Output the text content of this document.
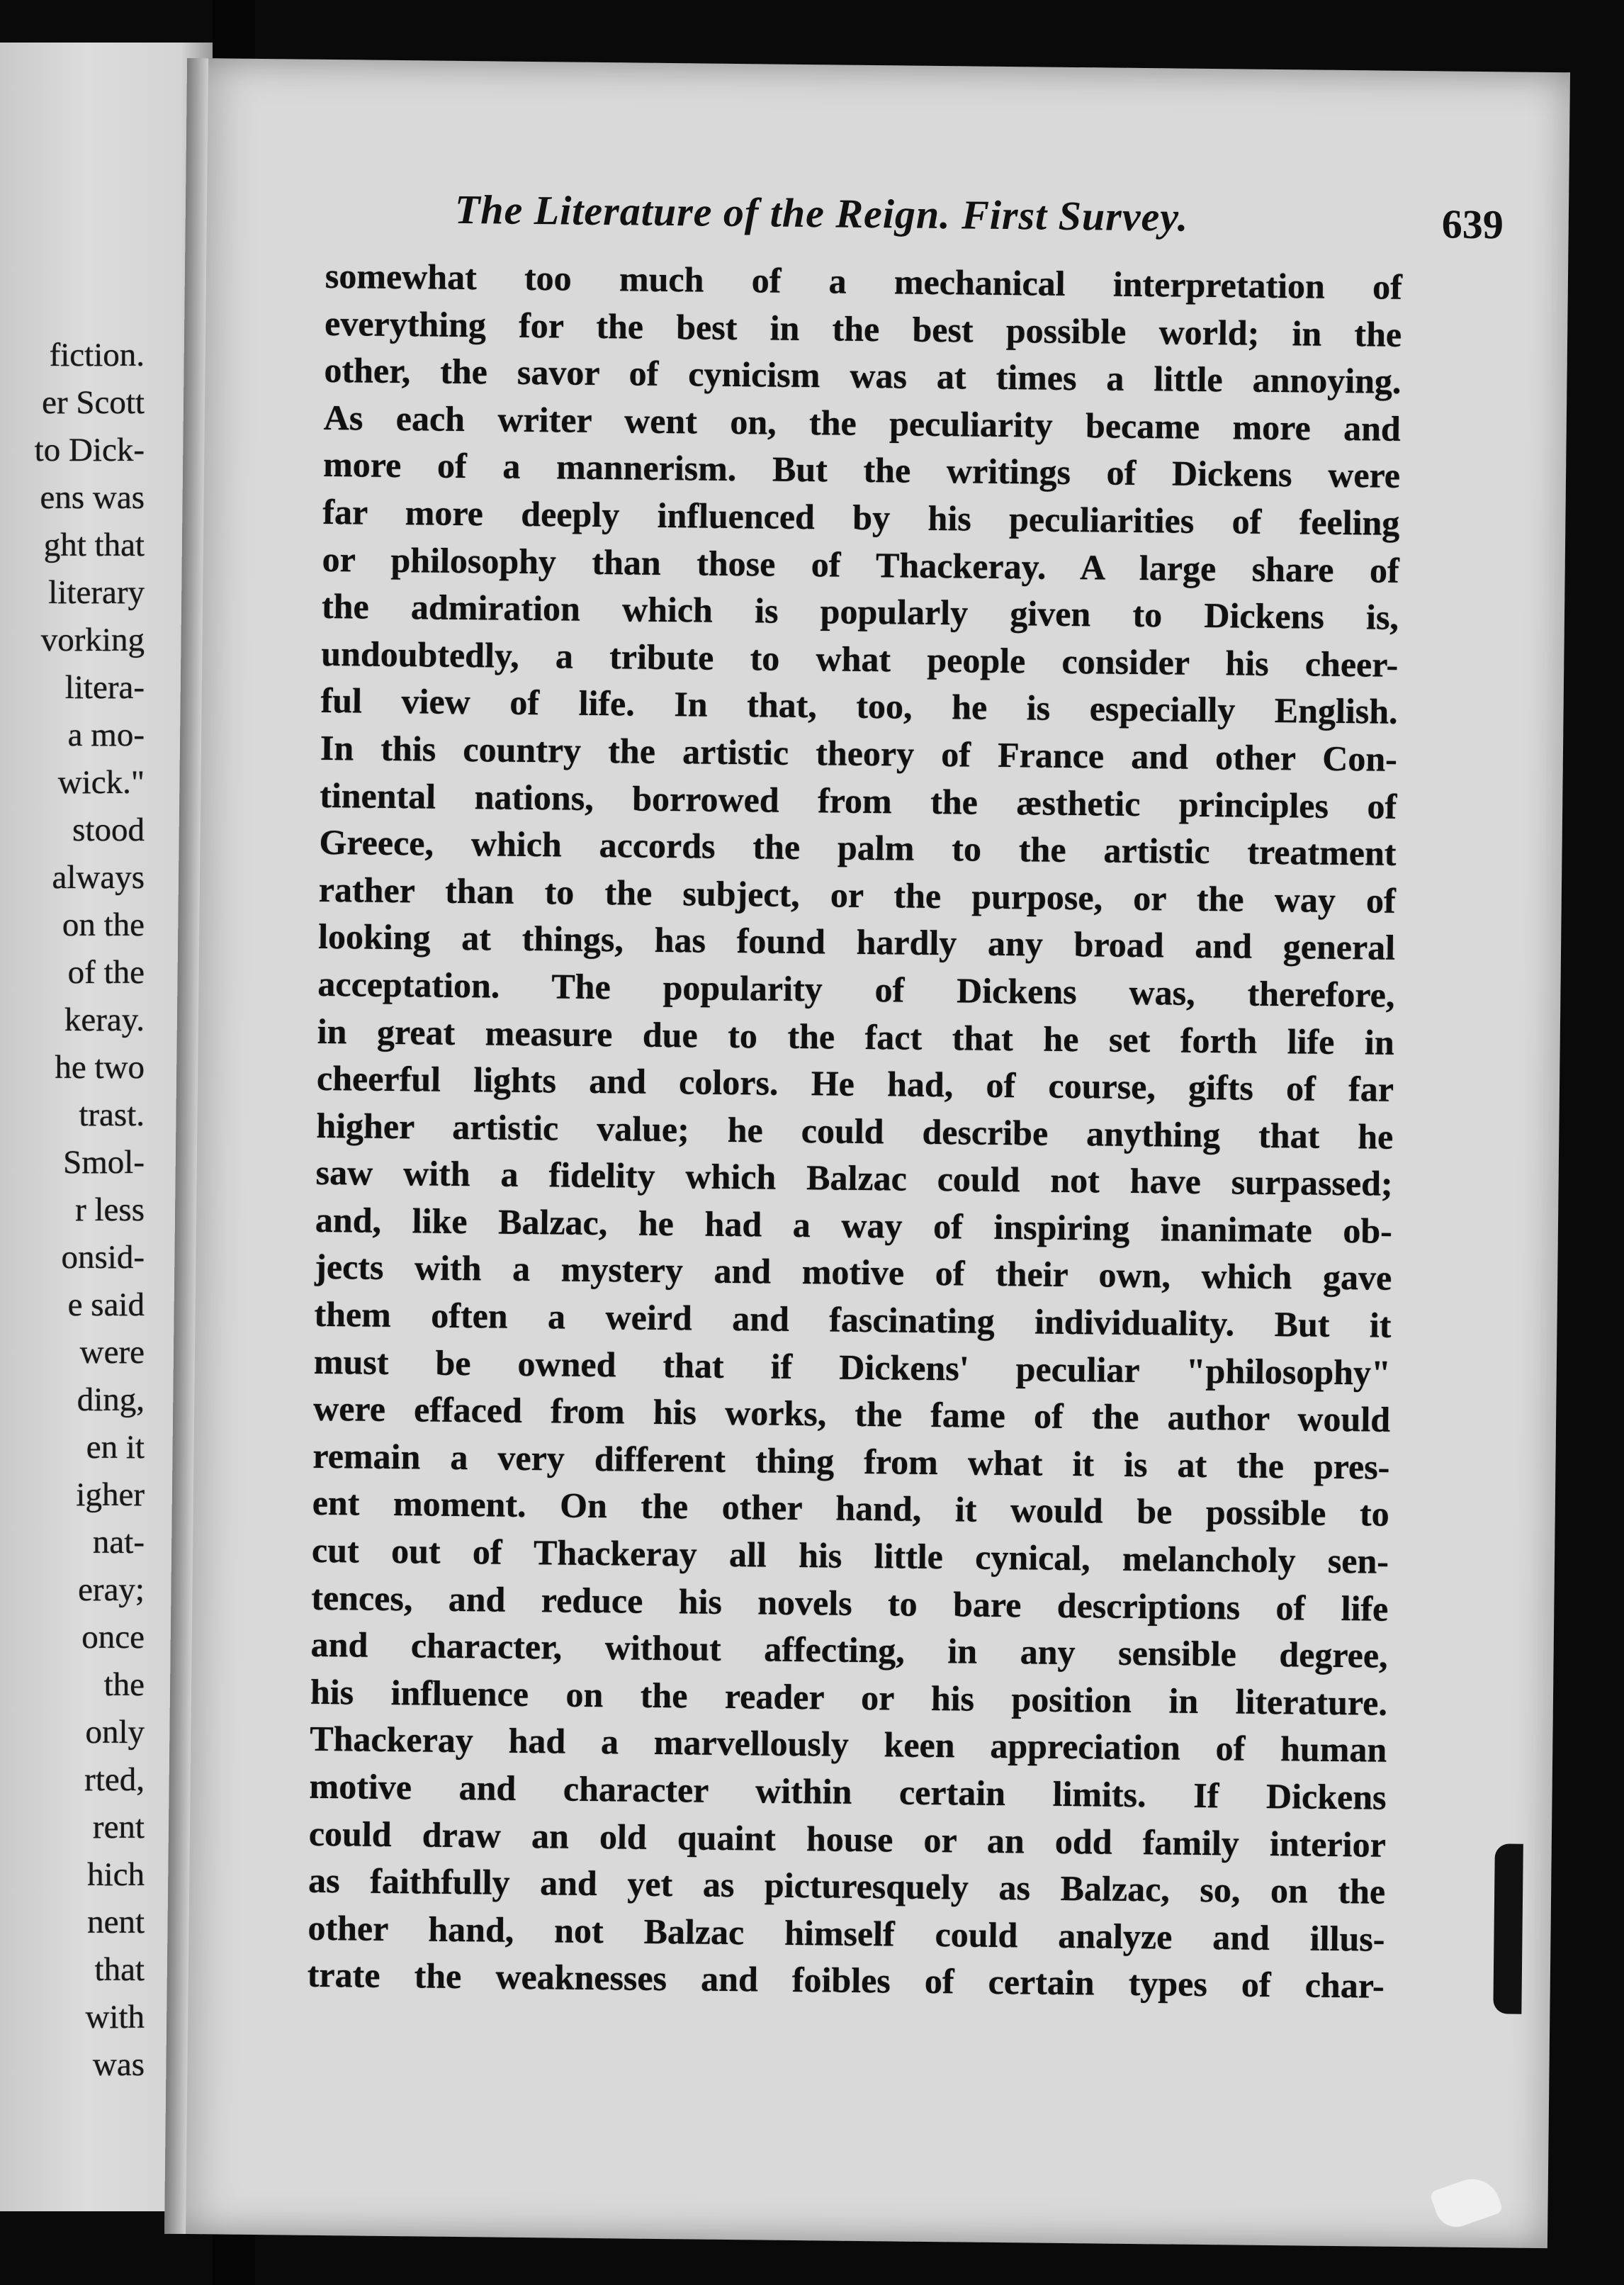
fiction.
er Scott
to Dick-
ens was
ght that
literary
vorking
litera-
a mo-
wick."
stood
always
on the
of the
keray.
he two
trast.
Smol-
r less
onsid-
e said
were
ding,
en it
igher
nat-
eray;
once
the
only
rted,
rent
hich
nent
that
with
was
The Literature of the Reign. First Survey.	639
somewhat too much of a mechanical interpretation of
everything for the best in the best possible world; in the
other, the savor of cynicism was at times a little annoying.
As each writer went on, the peculiarity became more and
more of a mannerism. But the writings of Dickens were
far more deeply influenced by his peculiarities of feeling
or philosophy than those of Thackeray. A large share of
the admiration which is popularly given to Dickens is,
undoubtedly, a tribute to what people consider his cheer-
ful view of life. In that, too, he is especially English.
In this country the artistic theory of France and other Con-
tinental nations, borrowed from the æsthetic principles of
Greece, which accords the palm to the artistic treatment
rather than to the subject, or the purpose, or the way of
looking at things, has found hardly any broad and general
acceptation. The popularity of Dickens was, therefore,
in great measure due to the fact that he set forth life in
cheerful lights and colors. He had, of course, gifts of far
higher artistic value; he could describe anything that he
saw with a fidelity which Balzac could not have surpassed;
and, like Balzac, he had a way of inspiring inanimate ob-
jects with a mystery and motive of their own, which gave
them often a weird and fascinating individuality. But it
must be owned that if Dickens' peculiar "philosophy"
were effaced from his works, the fame of the author would
remain a very different thing from what it is at the pres-
ent moment. On the other hand, it would be possible to
cut out of Thackeray all his little cynical, melancholy sen-
tences, and reduce his novels to bare descriptions of life
and character, without affecting, in any sensible degree,
his influence on the reader or his position in literature.
Thackeray had a marvellously keen appreciation of human
motive and character within certain limits. If Dickens
could draw an old quaint house or an odd family interior
as faithfully and yet as picturesquely as Balzac, so, on the
other hand, not Balzac himself could analyze and illus-
trate the weaknesses and foibles of certain types of char-
